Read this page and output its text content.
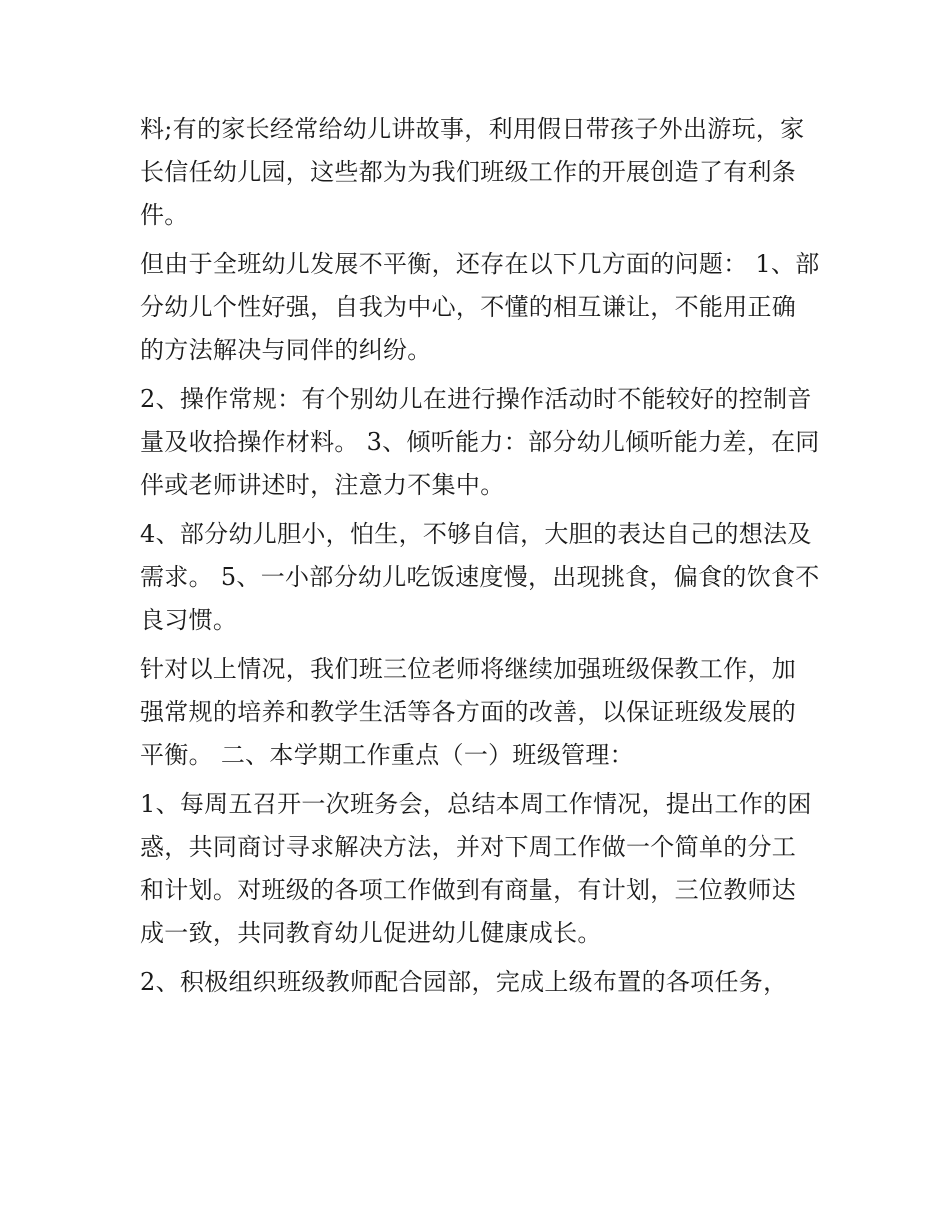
料;有的家长经常给幼儿讲故事，利用假日带孩子外出游玩，家长信任幼儿园，这些都为为我们班级工作的开展创造了有利条件。

但由于全班幼儿发展不平衡，还存在以下几方面的问题： 1、部分幼儿个性好强，自我为中心，不懂的相互谦让，不能用正确的方法解决与同伴的纠纷。

2、操作常规：有个别幼儿在进行操作活动时不能较好的控制音量及收拾操作材料。 3、倾听能力：部分幼儿倾听能力差，在同伴或老师讲述时，注意力不集中。

4、部分幼儿胆小，怕生，不够自信，大胆的表达自己的想法及需求。 5、一小部分幼儿吃饭速度慢，出现挑食，偏食的饮食不良习惯。

针对以上情况，我们班三位老师将继续加强班级保教工作，加强常规的培养和教学生活等各方面的改善，以保证班级发展的平衡。 二、本学期工作重点（一）班级管理：

1、每周五召开一次班务会，总结本周工作情况，提出工作的困惑，共同商讨寻求解决方法，并对下周工作做一个简单的分工和计划。对班级的各项工作做到有商量，有计划，三位教师达成一致，共同教育幼儿促进幼儿健康成长。

2、积极组织班级教师配合园部，完成上级布置的各项任务，
